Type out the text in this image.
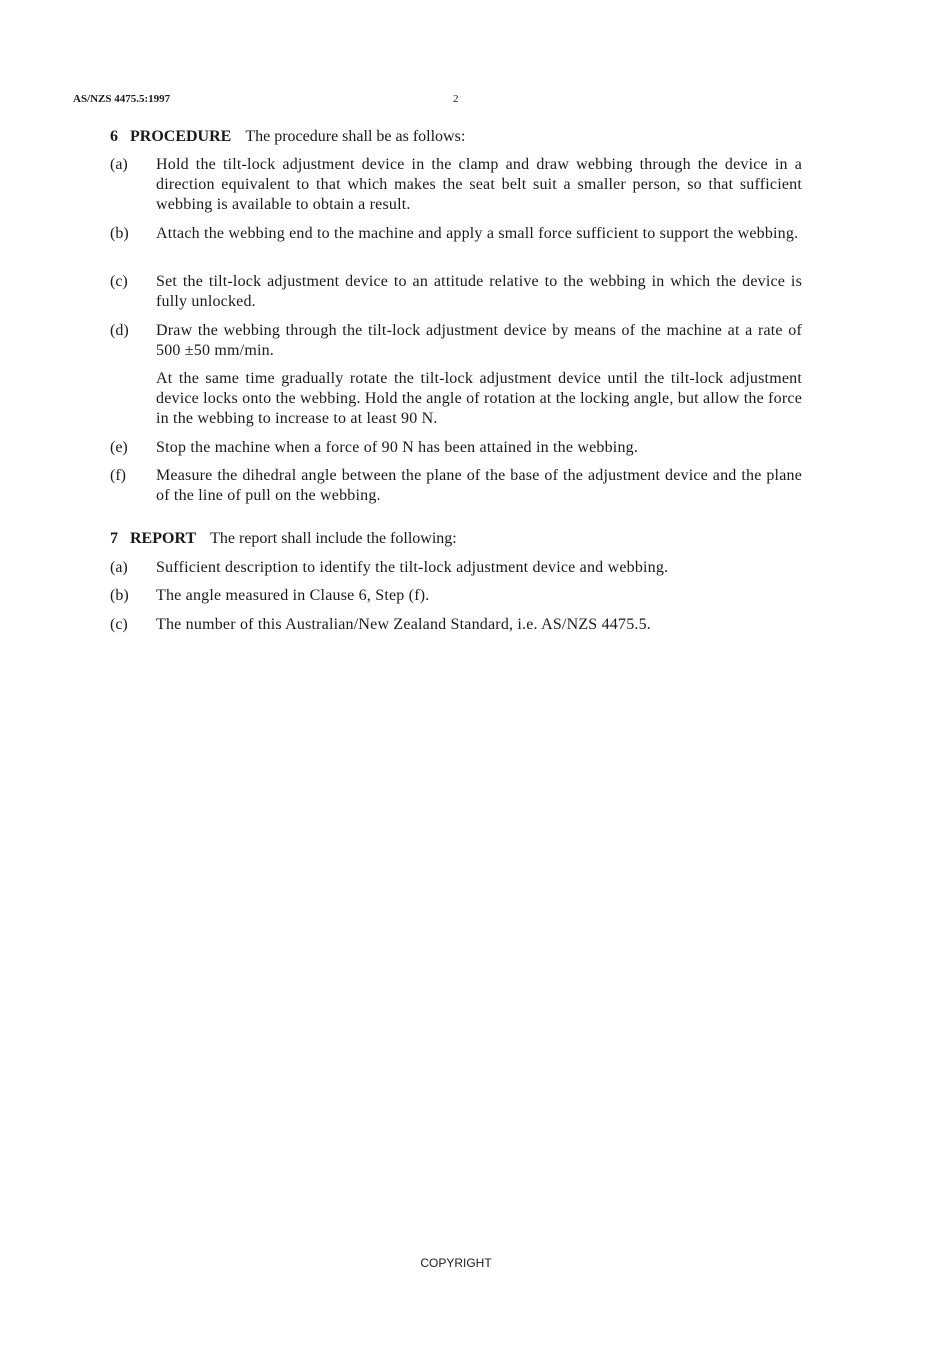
AS/NZS 4475.5:1997	2
6 PROCEDURE The procedure shall be as follows:
(a) Hold the tilt-lock adjustment device in the clamp and draw webbing through the device in a direction equivalent to that which makes the seat belt suit a smaller person, so that sufficient webbing is available to obtain a result.
(b) Attach the webbing end to the machine and apply a small force sufficient to support the webbing.
(c) Set the tilt-lock adjustment device to an attitude relative to the webbing in which the device is fully unlocked.
(d) Draw the webbing through the tilt-lock adjustment device by means of the machine at a rate of 500 ±50 mm/min.
At the same time gradually rotate the tilt-lock adjustment device until the tilt-lock adjustment device locks onto the webbing. Hold the angle of rotation at the locking angle, but allow the force in the webbing to increase to at least 90 N.
(e) Stop the machine when a force of 90 N has been attained in the webbing.
(f) Measure the dihedral angle between the plane of the base of the adjustment device and the plane of the line of pull on the webbing.
7 REPORT The report shall include the following:
(a) Sufficient description to identify the tilt-lock adjustment device and webbing.
(b) The angle measured in Clause 6, Step (f).
(c) The number of this Australian/New Zealand Standard, i.e. AS/NZS 4475.5.
COPYRIGHT
